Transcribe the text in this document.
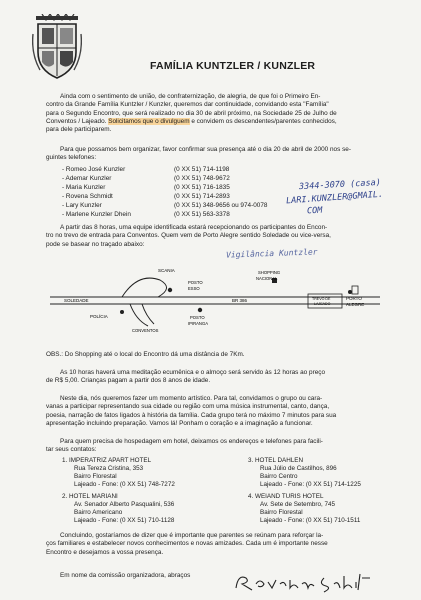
FAMÍLIA KUNTZLER / KUNZLER
Ainda com o sentimento de união, de confraternização, de alegria, de que foi o Primeiro En-
contro da Grande Família Kuntzler / Kunzler, queremos dar continuidade, convidando esta "Família"
para o Segundo Encontro, que será realizado no dia 30 de abril próximo, na Sociedade 25 de Julho de
Conventos / Lajeado. Solicitamos que o divulguem e convidem os descendentes/parentes conhecidos,
para dele participarem.
Para que possamos bem organizar, favor confirmar sua presença até o dia 20 de abril de 2000 nos se-
guintes telefones:
- Romeo José Kunzler	(0 XX 51) 714-1198
- Ademar Kunzler	(0 XX 51) 748-9672
- Maria Kunzler	(0 XX 51) 716-1835
- Rovena Schmidt	(0 XX 51) 714-2893
- Lary Kunzler	(0 XX 51) 348-9656 ou 974-0078
- Marlene Kunzler Dhein	(0 XX 51) 563-3378
3344-3070 (casa)
LARI.KUNZLER@GMAIL.
COM
Vigilância Kuntzler
A partir das 8 horas, uma equipe identificada estará recepcionando os participantes do Encon-
tro no trevo de entrada para Conventos. Quem vem de Porto Alegre sentido Soledade ou vice-versa,
pode se basear no traçado abaixo:
SCANIA
POSTO
ESSO
SHOPPING
NACIONAL
SOLEDADE	BR 386	TREVO DE
LAJEADO
PORTO
ALEGRE
POLÍCIA	POSTO
IPIRANGA
CONVENTOS
OBS.: Do Shopping até o local do Encontro dá uma distância de 7Km.
As 10 horas haverá uma meditação ecumênica e o almoço será servido às 12 horas ao preço
de R$ 5,00. Crianças pagam a partir dos 8 anos de idade.
Neste dia, nós queremos fazer um momento artístico. Para tal, convidamos o grupo ou cara-
vanas a participar representando sua cidade ou região com uma música instrumental, canto, dança,
poesia, narração de fatos ligados à história da família. Cada grupo terá no máximo 7 minutos para sua
apresentação incluindo preparação. Vamos lá! Ponham o coração e a imaginação a funcionar.
Para quem precisa de hospedagem em hotel, deixamos os endereços e telefones para facili-
tar seus contatos:
1. IMPERATRIZ APART HOTEL
Rua Tereza Cristina, 353
Bairro Florestal
Lajeado - Fone: (0 XX 51) 748-7272
2. HOTEL MARIANI
Av. Senador Alberto Pasqualini, 536
Bairro Americano
Lajeado - Fone: (0 XX 51) 710-1128
3. HOTEL DAHLEN
Rua Júlio de Castilhos, 896
Bairro Centro
Lajeado - Fone: (0 XX 51) 714-1225
4. WEIAND TURIS HOTEL
Av. Sete de Setembro, 745
Bairro Florestal
Lajeado - Fone: (0 XX 51) 710-1511
Concluindo, gostaríamos de dizer que é importante que parentes se reúnam para reforçar la-
ços familiares e estabelecer novos conhecimentos e novas amizades. Cada um é importante nesse
Encontro e desejamos a vossa presença.
Em nome da comissão organizadora, abraços
